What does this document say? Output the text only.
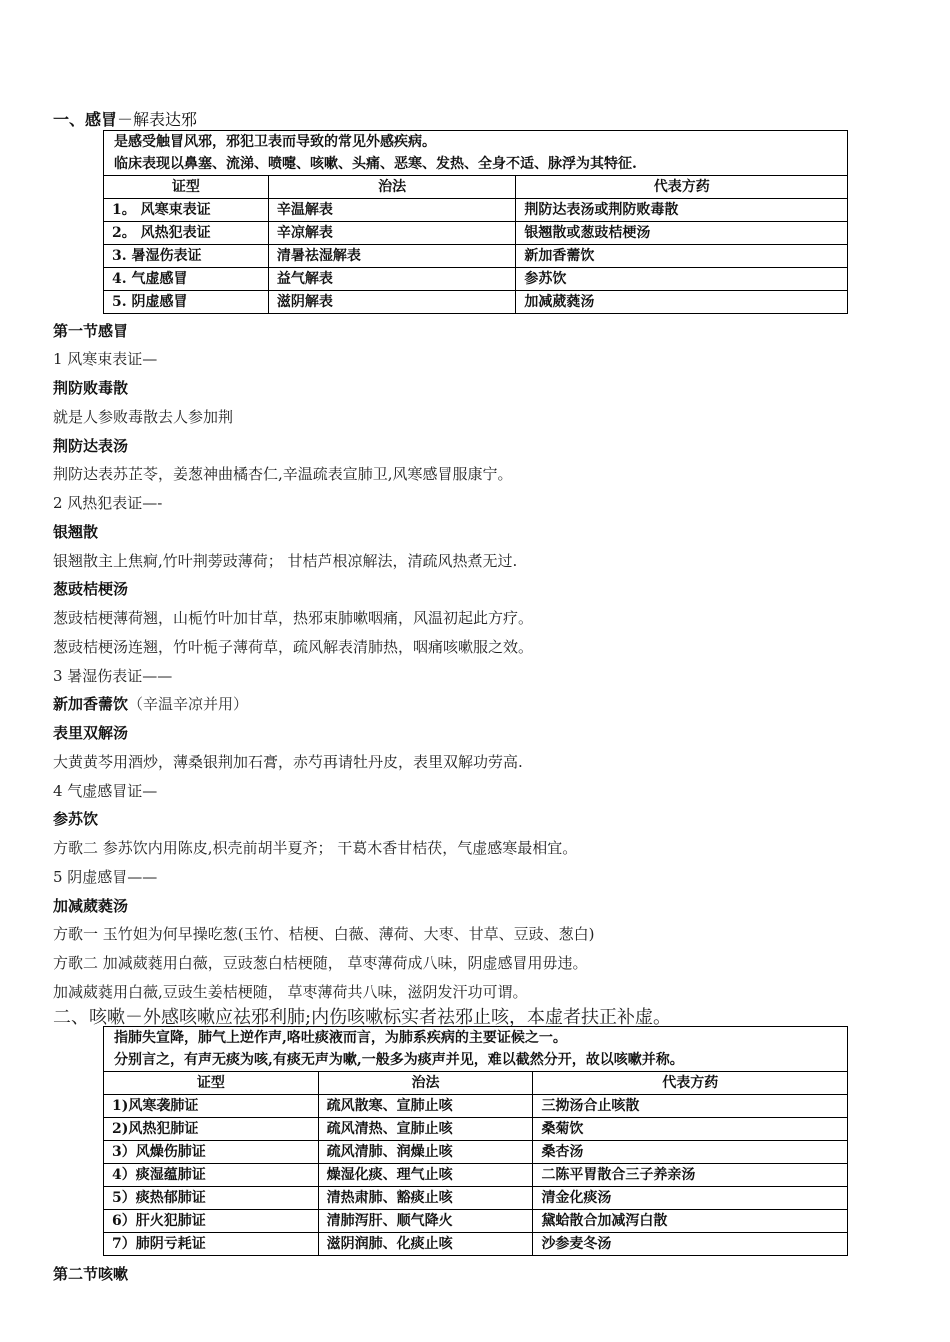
一、感冒－解表达邪
是感受触冒风邪，邪犯卫表而导致的常见外感疾病。
临床表现以鼻塞、流涕、喷嚏、咳嗽、头痛、恶寒、发热、全身不适、脉浮为其特征.		

证型	治法	代表方药
1。 风寒束表证	辛温解表	荆防达表汤或荆防败毒散
2。 风热犯表证	辛凉解表	银翘散或葱豉桔梗汤
3. 暑湿伤表证	清暑祛湿解表	新加香薷饮
4. 气虚感冒	益气解表	参苏饮
5. 阴虚感冒	滋阴解表	加减葳蕤汤
第一节感冒
1 风寒束表证—
荆防败毒散
就是人参败毒散去人参加荆
荆防达表汤
荆防达表苏芷苓，姜葱神曲橘杏仁,辛温疏表宣肺卫,风寒感冒服康宁。
2 风热犯表证—-
银翘散
银翘散主上焦痾,竹叶荆蒡豉薄荷； 甘桔芦根凉解法，清疏风热煮无过.
葱豉桔梗汤
葱豉桔梗薄荷翘，山栀竹叶加甘草，热邪束肺嗽咽痛，风温初起此方疗。
葱豉桔梗汤连翘，竹叶栀子薄荷草，疏风解表清肺热，咽痛咳嗽服之效。
3 暑湿伤表证——
新加香薷饮（辛温辛凉并用）
表里双解汤
大黄黄芩用酒炒，薄桑银荆加石膏，赤芍再请牡丹皮，表里双解功劳高.
4 气虚感冒证—
参苏饮
方歌二 参苏饮内用陈皮,枳壳前胡半夏齐； 干葛木香甘桔茯，气虚感寒最相宜。
5 阴虚感冒——
加减葳蕤汤
方歌一 玉竹妲为何早操吃葱(玉竹、桔梗、白薇、薄荷、大枣、甘草、豆豉、葱白)
方歌二 加减葳蕤用白薇，豆豉葱白桔梗随， 草枣薄荷成八味，阴虚感冒用毋违。
加减葳蕤用白薇,豆豉生姜桔梗随， 草枣薄荷共八味，滋阴发汗功可谓。
二、咳嗽－外感咳嗽应祛邪利肺;内伤咳嗽标实者祛邪止咳，本虚者扶正补虚。
指肺失宣降，肺气上逆作声,咯吐痰液而言，为肺系疾病的主要证候之一。
分别言之，有声无痰为咳,有痰无声为嗽,一般多为痰声并见，难以截然分开，故以咳嗽并称。		

证型	治法	代表方药
1)风寒袭肺证	疏风散寒、宣肺止咳	三拗汤合止咳散
2)风热犯肺证	疏风清热、宣肺止咳	桑菊饮
3）风燥伤肺证	疏风清肺、润燥止咳	桑杏汤
4）痰湿蕴肺证	燥湿化痰、理气止咳	二陈平胃散合三子养亲汤
5）痰热郁肺证	清热肃肺、豁痰止咳	清金化痰汤
6）肝火犯肺证	清肺泻肝、顺气降火	黛蛤散合加减泻白散
7）肺阴亏耗证	滋阴润肺、化痰止咳	沙参麦冬汤
第二节咳嗽
